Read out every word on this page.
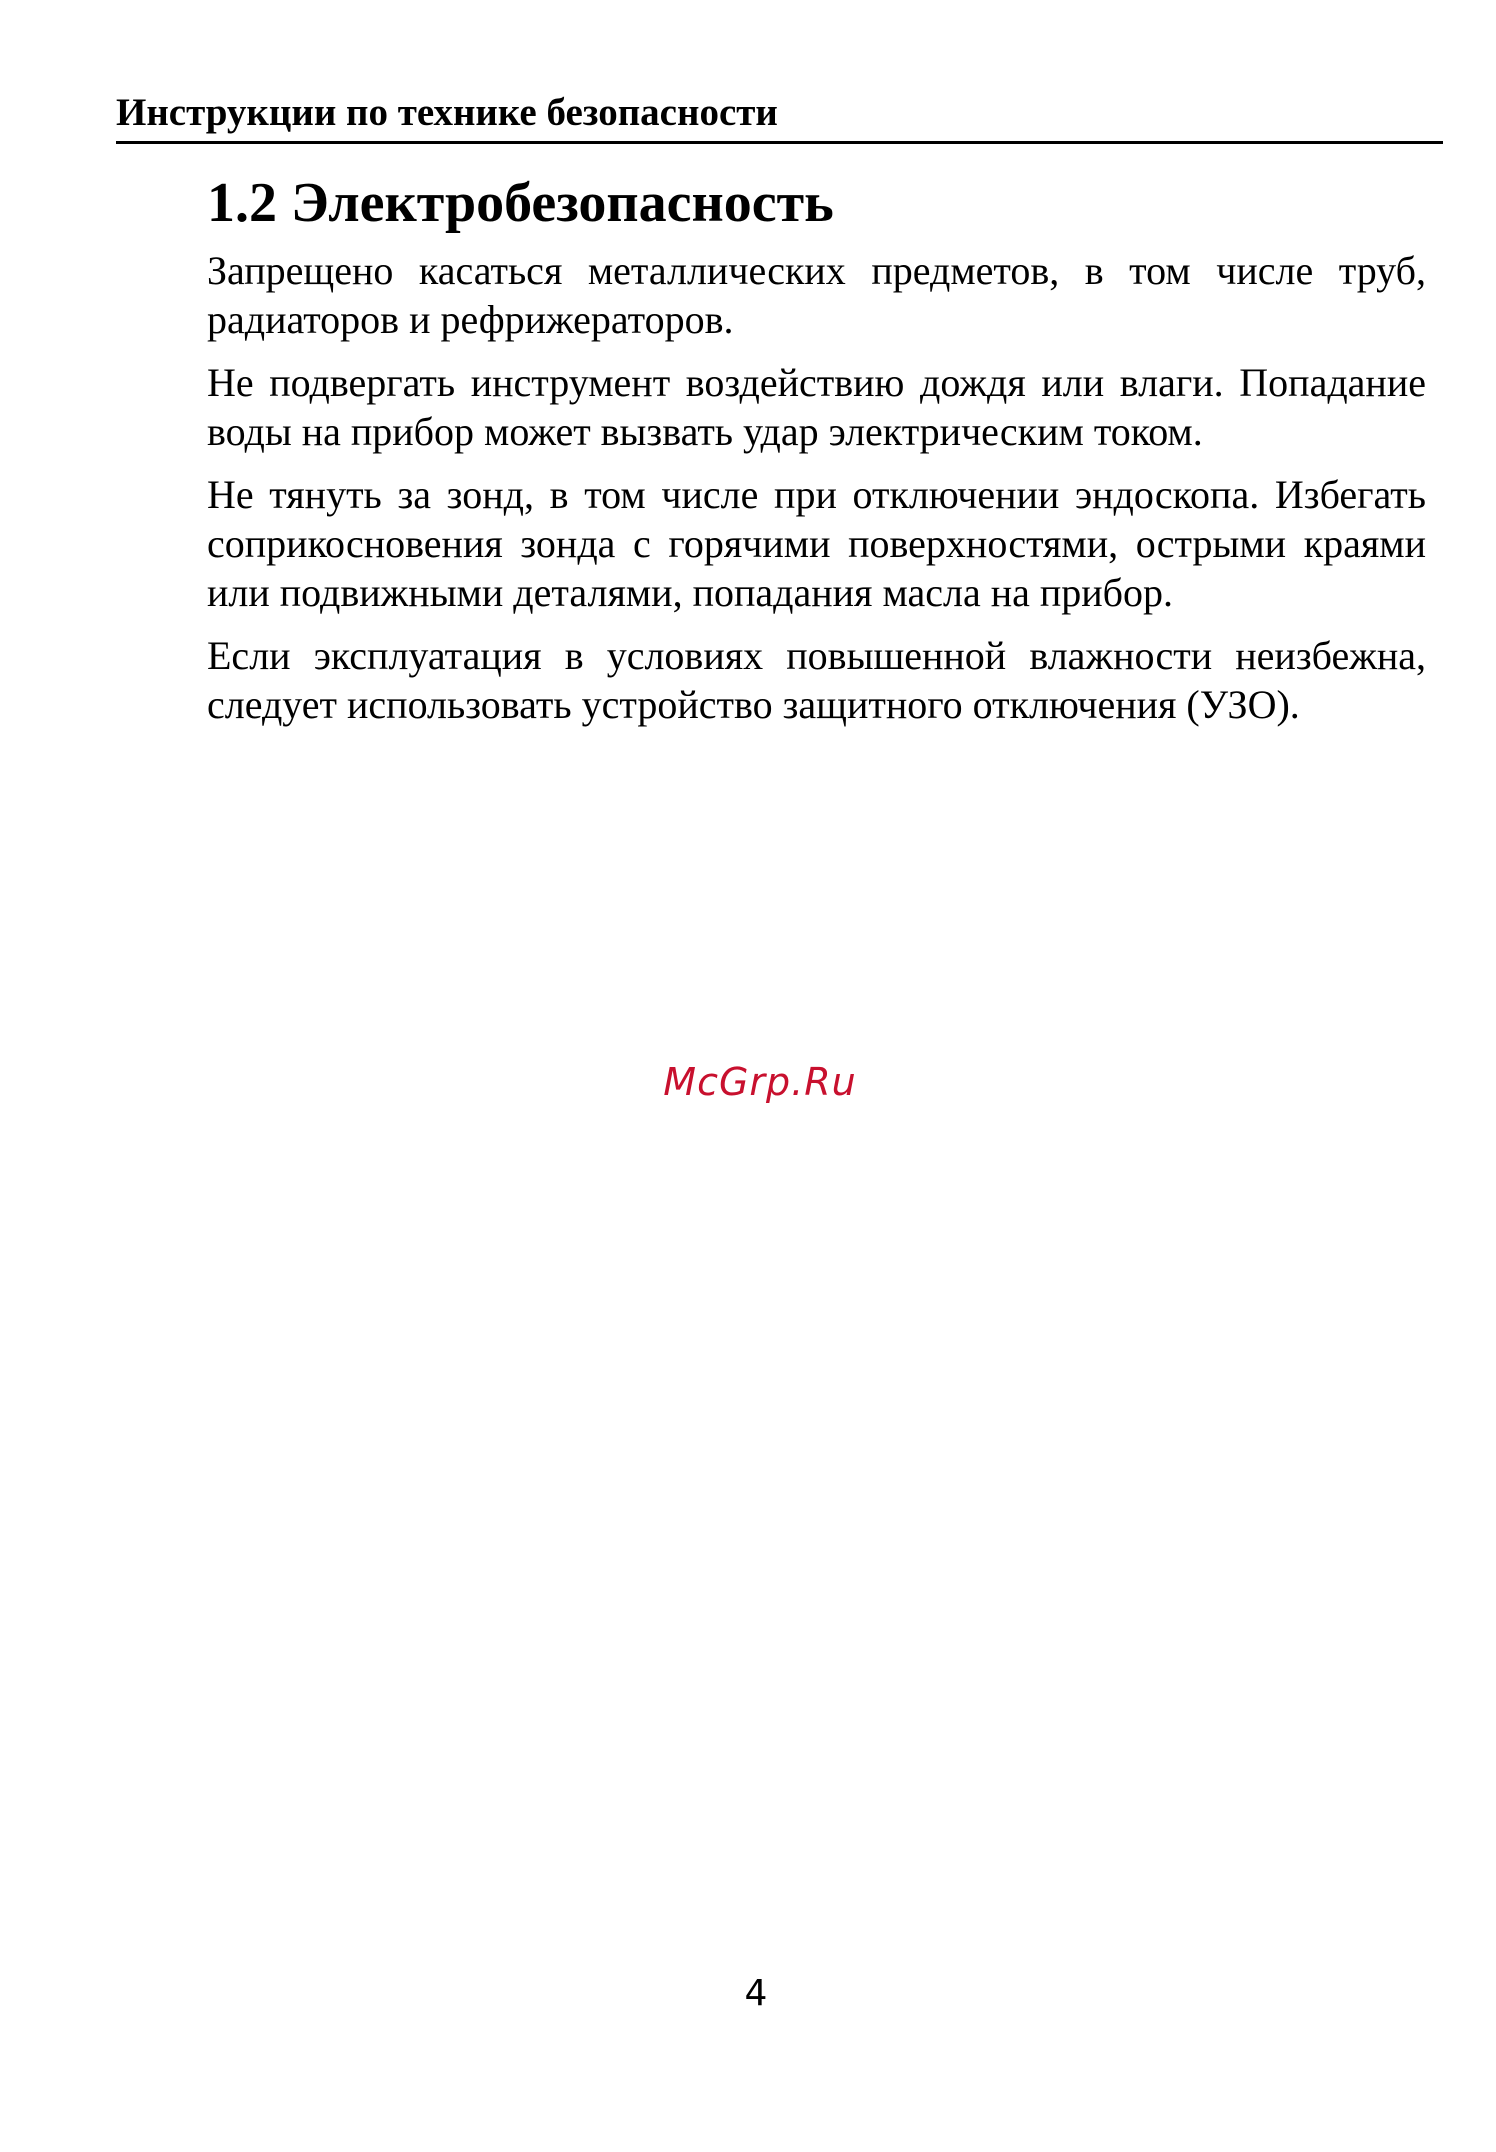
Инструкции по технике безопасности
1.2 Электробезопасность

Запрещено касаться металлических предметов, в том числе труб, радиаторов и рефрижераторов.

Не подвергать инструмент воздействию дождя или влаги. Попадание воды на прибор может вызвать удар электрическим током.

Не тянуть за зонд, в том числе при отключении эндоскопа. Избегать соприкосновения зонда с горячими поверхностями, острыми краями или подвижными деталями, попадания масла на прибор.

Если эксплуатация в условиях повышенной влажности неизбежна, следует использовать устройство защитного отключения (УЗО).

McGrp.Ru
4
